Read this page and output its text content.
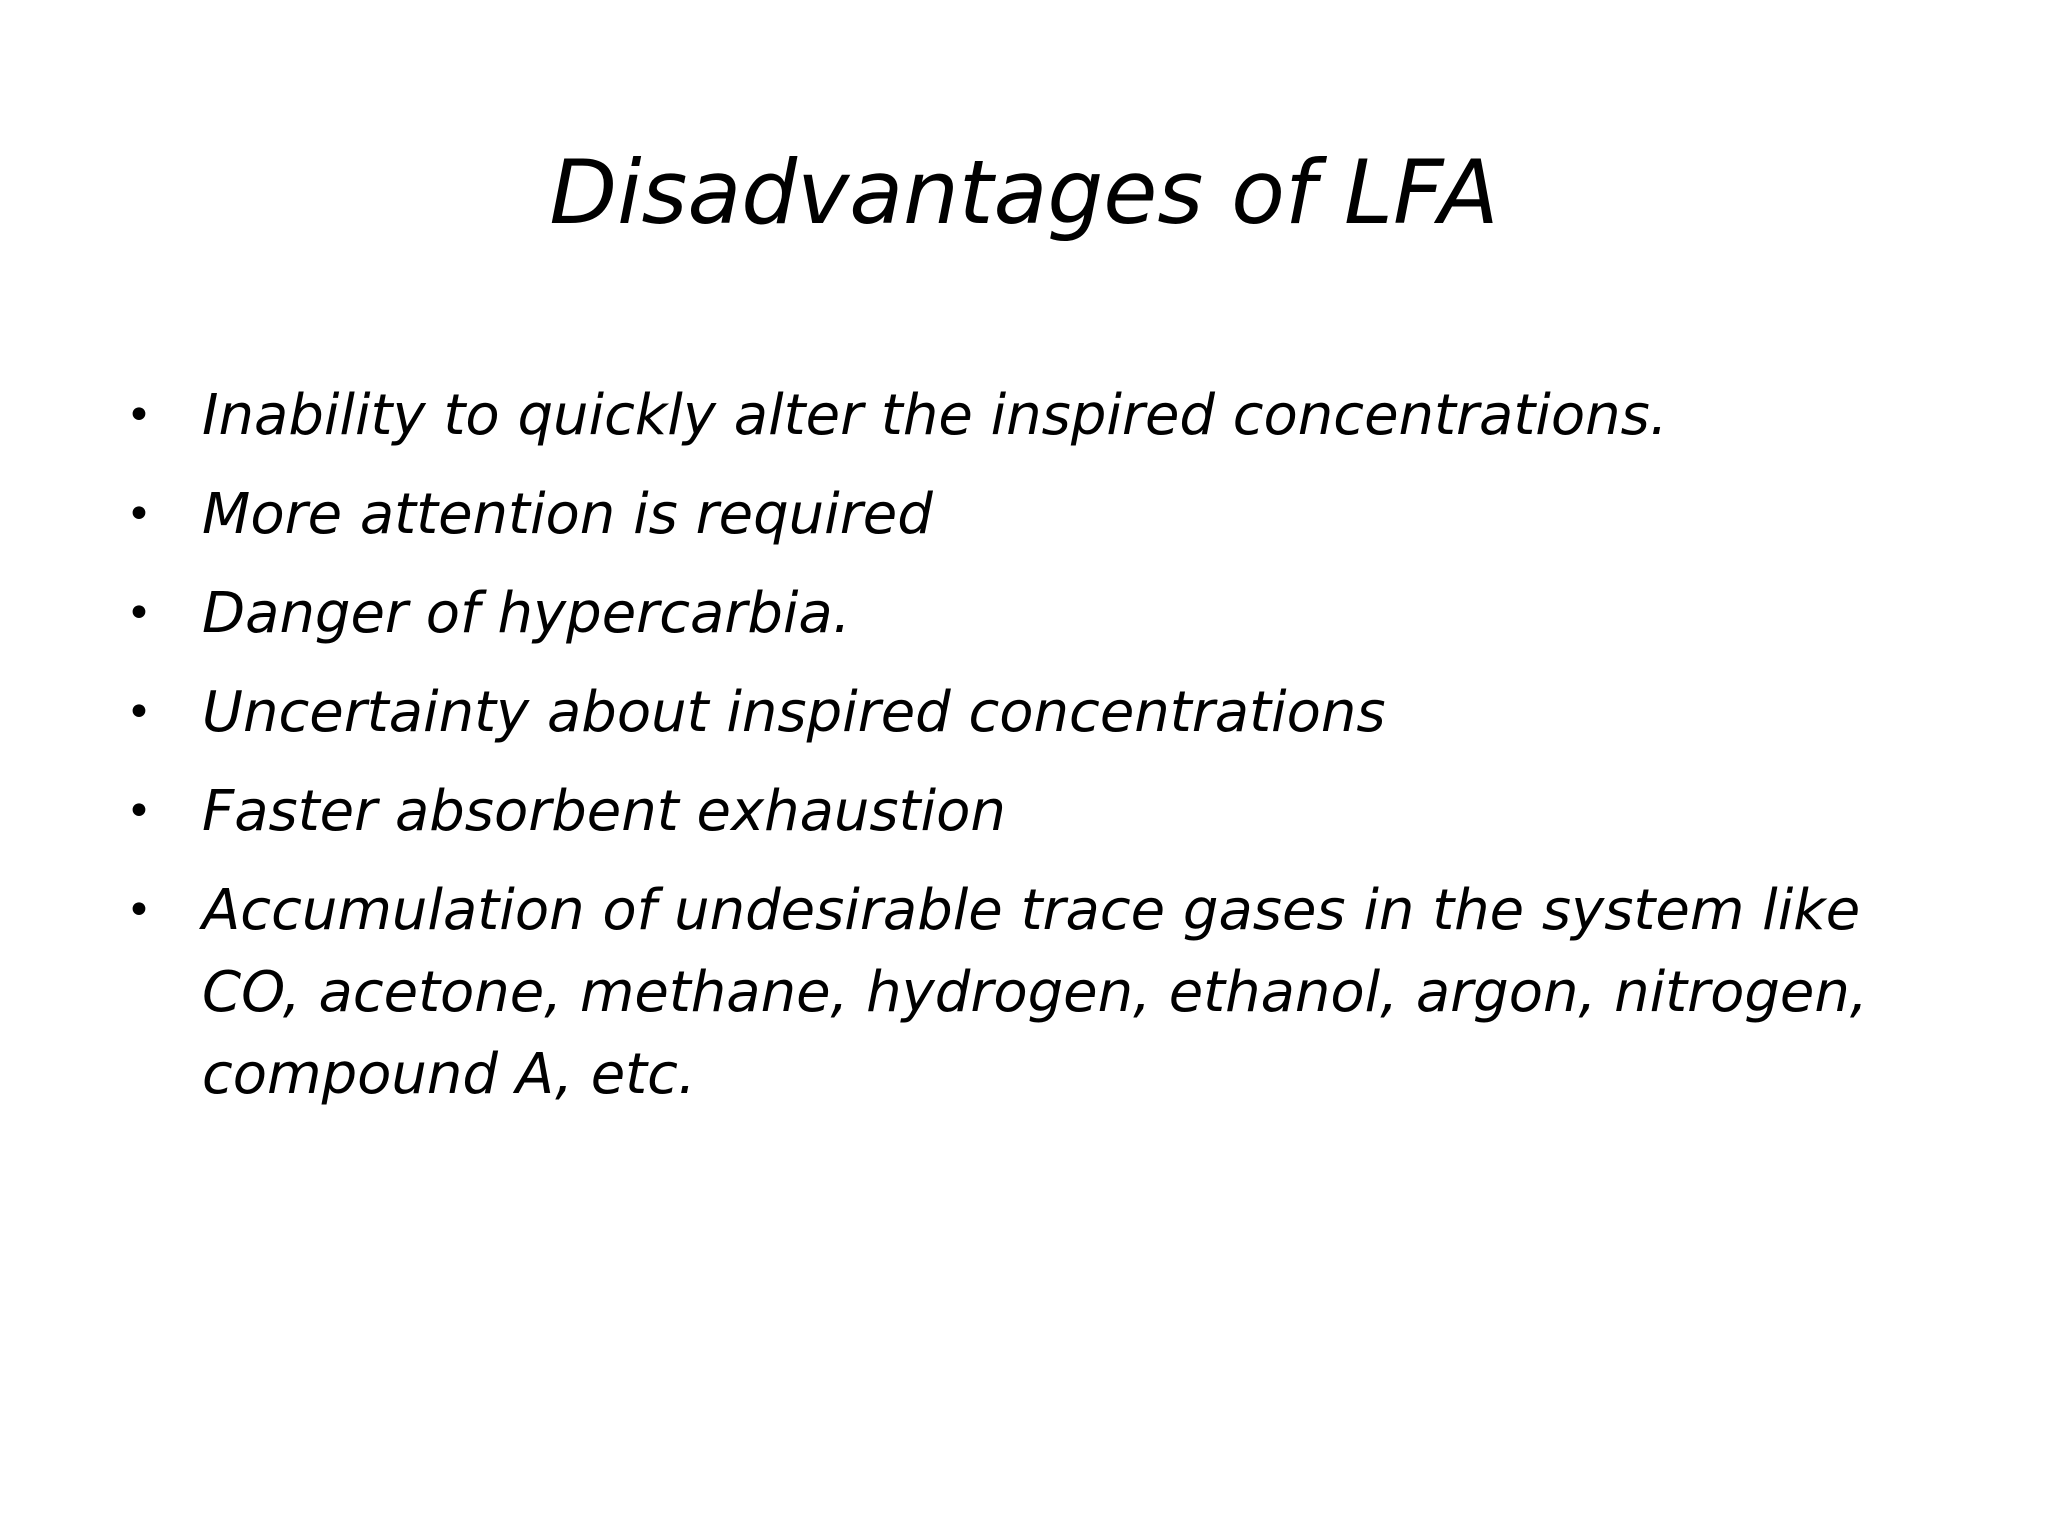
Disadvantages of LFA
• Inability to quickly alter the inspired concentrations.
• More attention is required
• Danger of hypercarbia.
• Uncertainty about inspired concentrations
• Faster absorbent exhaustion
• Accumulation of undesirable trace gases in the system like CO, acetone, methane, hydrogen, ethanol, argon, nitrogen, compound A, etc.
